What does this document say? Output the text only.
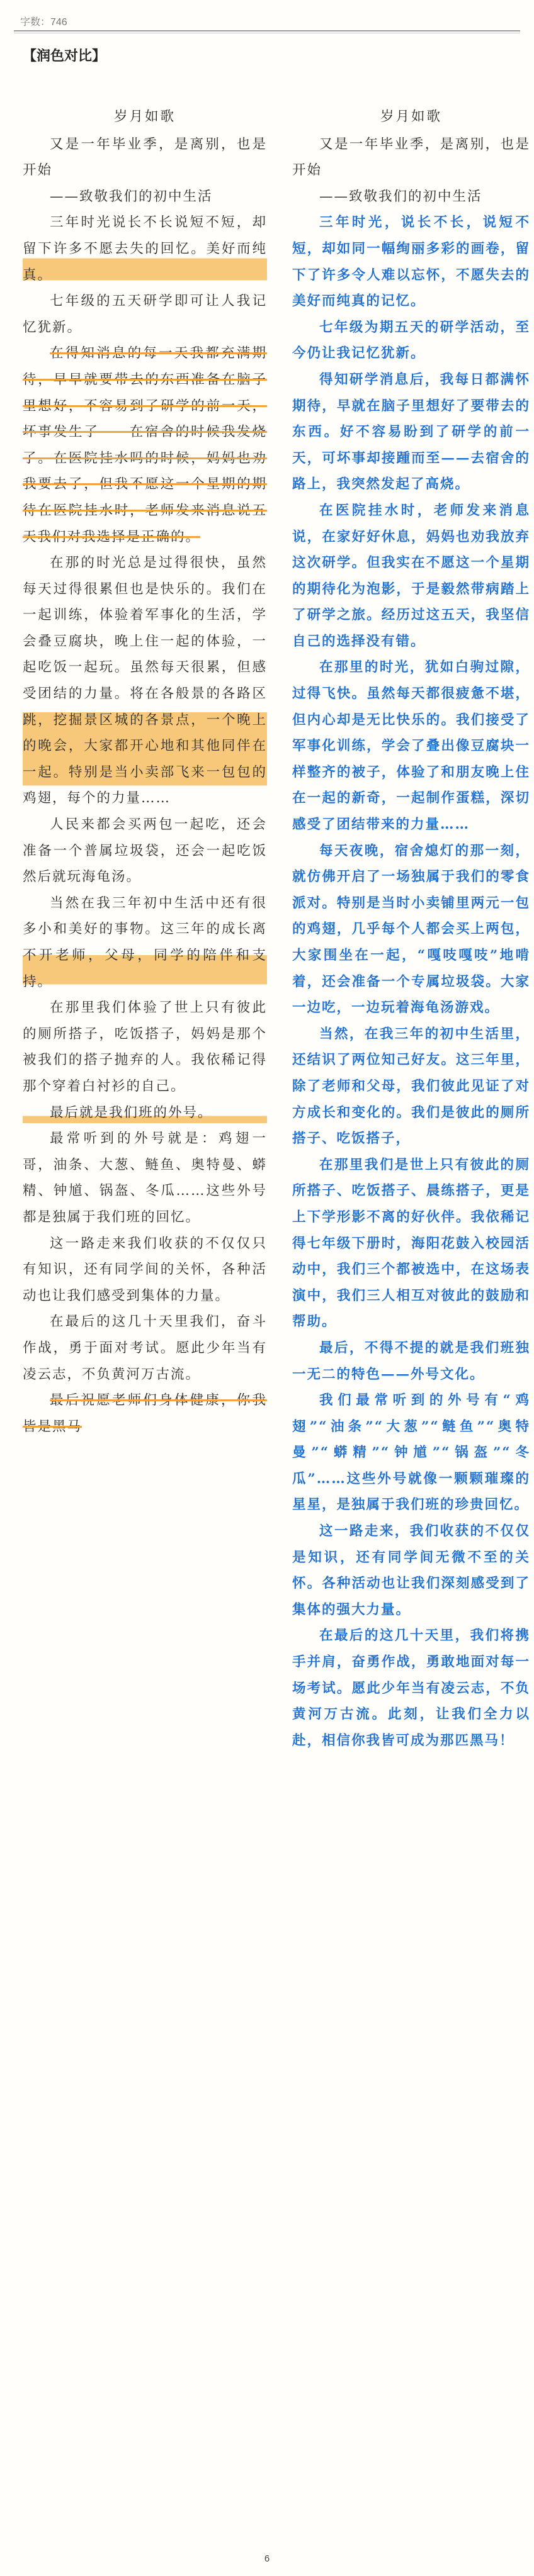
字数：746
【润色对比】
岁月如歌

又是一年毕业季，是离别，也是开始

——致敬我们的初中生活

三年时光说长不长说短不短，却留下许多不愿去失的回忆。美好而纯真。

七年级的五天研学即可让人我记忆犹新。

在得知消息的每一天我都充满期待，早早就要带去的东西准备在脑子里想好，不容易到了研学的前一天，坏事发生了——在宿舍的时候我发烧了。在医院挂水吗的时候，妈妈也劝我要去了，但我不愿这一个星期的期待在医院挂水时，老师发来消息说五天我们对我选择是正确的。

在那的时光总是过得很快，虽然每天过得很累但也是快乐的。我们在一起训练，体验着军事化的生活，学会叠豆腐块，晚上住一起的体验，一起吃饭一起玩。虽然每天很累，但感受团结的力量。将在各般景的各路区跳，挖掘景区城的各景点，一个晚上的晚会，大家都开心地和其他同伴在一起。特别是当小卖部飞来一包包的鸡翅，每个的力量……

人民来都会买两包一起吃，还会准备一个普属垃圾袋，还会一起吃饭然后就玩海龟汤。

当然在我三年初中生活中还有很多小和美好的事物。这三年的成长离不开老师，父母，同学的陪伴和支持。

在那里我们体验了世上只有彼此的厕所搭子，吃饭搭子，妈妈是那个被我们的搭子抛弃的人。我依稀记得那个穿着白衬衫的自己。

最后就是我们班的外号。

最常听到的外号就是：鸡翅一哥，油条、大葱、鲢鱼、奥特曼、蟒精、钟馗、锅盔、冬瓜……这些外号都是独属于我们班的回忆。

这一路走来我们收获的不仅仅只有知识，还有同学间的关怀，各种活动也让我们感受到集体的力量。

在最后的这几十天里我们，奋斗作战，勇于面对考试。愿此少年当有凌云志，不负黄河万古流。

最后祝愿老师们身体健康，你我皆是黑马

岁月如歌

又是一年毕业季，是离别，也是开始

——致敬我们的初中生活

三年时光，说长不长，说短不短，却如同一幅绚丽多彩的画卷，留下了许多令人难以忘怀，不愿失去的美好而纯真的记忆。

七年级为期五天的研学活动，至今仍让我记忆犹新。

得知研学消息后，我每日都满怀期待，早就在脑子里想好了要带去的东西。好不容易盼到了研学的前一天，可坏事却接踵而至——去宿舍的路上，我突然发起了高烧。

在医院挂水时，老师发来消息说，在家好好休息，妈妈也劝我放弃这次研学。但我实在不愿这一个星期的期待化为泡影，于是毅然带病踏上了研学之旅。经历过这五天，我坚信自己的选择没有错。

在那里的时光，犹如白驹过隙，过得飞快。虽然每天都很疲惫不堪，但内心却是无比快乐的。我们接受了军事化训练，学会了叠出像豆腐块一样整齐的被子，体验了和朋友晚上住在一起的新奇，一起制作蛋糕，深切感受了团结带来的力量……

每天夜晚，宿舍熄灯的那一刻，就仿佛开启了一场独属于我们的零食派对。特别是当时小卖铺里两元一包的鸡翅，几乎每个人都会买上两包，大家围坐在一起，“嘎吱嘎吱”地啃着，还会准备一个专属垃圾袋。大家一边吃，一边玩着海龟汤游戏。

当然，在我三年的初中生活里，还结识了两位知己好友。这三年里，除了老师和父母，我们彼此见证了对方成长和变化的。我们是彼此的厕所搭子、吃饭搭子，

在那里我们是世上只有彼此的厕所搭子、吃饭搭子、晨练搭子，更是上下学形影不离的好伙伴。我依稀记得七年级下册时，海阳花鼓入校园活动中，我们三个都被选中，在这场表演中，我们三人相互对彼此的鼓励和帮助。

最后，不得不提的就是我们班独一无二的特色——外号文化。

我们最常听到的外号有“鸡翅”“油条”“大葱”“鲢鱼”“奥特曼”“蟒精”“钟馗”“锅盔”“冬瓜”……这些外号就像一颗颗璀璨的星星，是独属于我们班的珍贵回忆。

这一路走来，我们收获的不仅仅是知识，还有同学间无微不至的关怀。各种活动也让我们深刻感受到了集体的强大力量。

在最后的这几十天里，我们将携手并肩，奋勇作战，勇敢地面对每一场考试。愿此少年当有凌云志，不负黄河万古流。此刻，让我们全力以赴，相信你我皆可成为那匹黑马！

6
